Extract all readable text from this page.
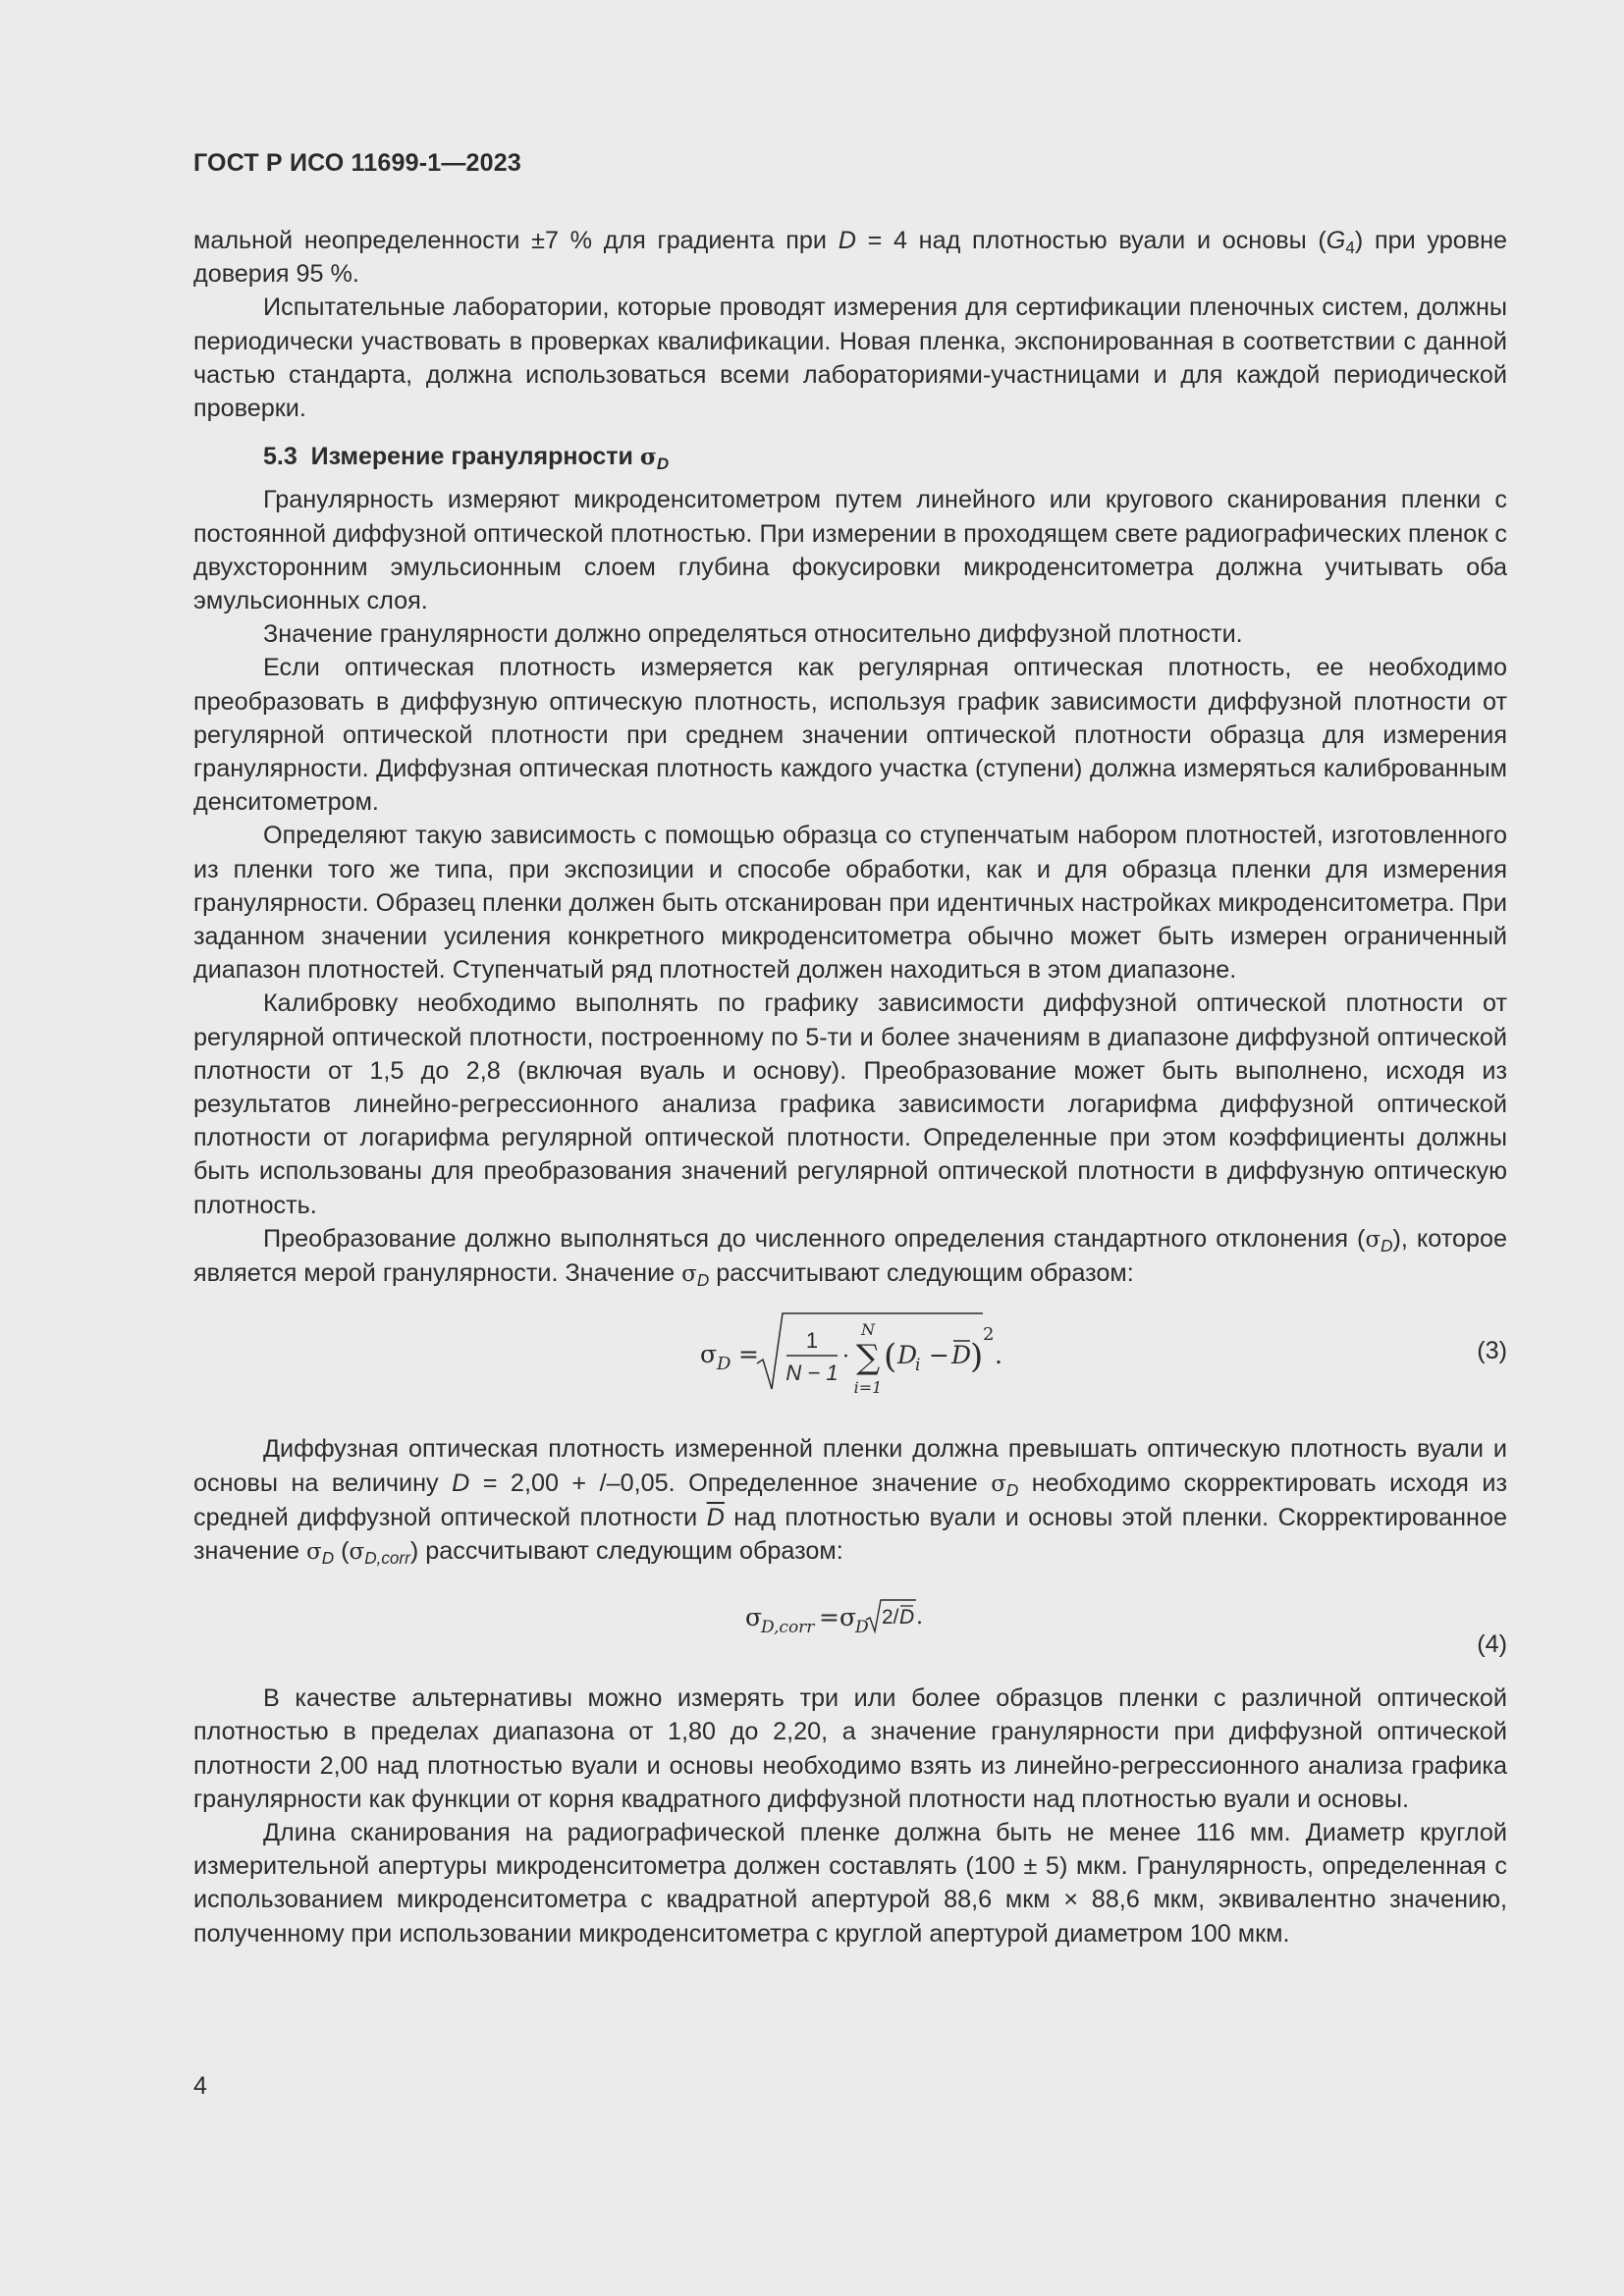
ГОСТ Р ИСО 11699-1—2023

мальной неопределенности ±7 % для градиента при D = 4 над плотностью вуали и основы $(G_4)$ при уровне доверия 95 %.

Испытательные лаборатории, которые проводят измерения для сертификации пленочных систем, должны периодически участвовать в проверках квалификации. Новая пленка, экспонированная в соответствии с данной частью стандарта, должна использоваться всеми лабораториями-участницами и для каждой периодической проверки.

5.3 Измерение гранулярности $\sigma_D$

Гранулярность измеряют микроденситометром путем линейного или кругового сканирования пленки с постоянной диффузной оптической плотностью. При измерении в проходящем свете радиографических пленок с двухсторонним эмульсионным слоем глубина фокусировки микроденситометра должна учитывать оба эмульсионных слоя.

Значение гранулярности должно определяться относительно диффузной плотности.

Если оптическая плотность измеряется как регулярная оптическая плотность, ее необходимо преобразовать в диффузную оптическую плотность, используя график зависимости диффузной плотности от регулярной оптической плотности при среднем значении оптической плотности образца для измерения гранулярности. Диффузная оптическая плотность каждого участка (ступени) должна измеряться калиброванным денситометром.

Определяют такую зависимость с помощью образца со ступенчатым набором плотностей, изготовленного из пленки того же типа, при экспозиции и способе обработки, как и для образца пленки для измерения гранулярности. Образец пленки должен быть отсканирован при идентичных настройках микроденситометра. При заданном значении усиления конкретного микроденситометра обычно может быть измерен ограниченный диапазон плотностей. Ступенчатый ряд плотностей должен находиться в этом диапазоне.

Калибровку необходимо выполнять по графику зависимости диффузной оптической плотности от регулярной оптической плотности, построенному по 5-ти и более значениям в диапазоне диффузной оптической плотности от 1,5 до 2,8 (включая вуаль и основу). Преобразование может быть выполнено, исходя из результатов линейно-регрессионного анализа графика зависимости логарифма диффузной оптической плотности от логарифма регулярной оптической плотности. Определенные при этом коэффициенты должны быть использованы для преобразования значений регулярной оптической плотности в диффузную оптическую плотность.

Преобразование должно выполняться до численного определения стандартного отклонения $(\sigma_D)$, которое является мерой гранулярности. Значение $\sigma_D$ рассчитывают следующим образом:

σ D = 1
N − 1
·
N
∑
i=1
( D
i − D
)
2
.	(3)

Диффузная оптическая плотность измеренной пленки должна превышать оптическую плотность вуали и основы на величину D = 2,00 + /–0,05. Определенное значение $\sigma_D$ необходимо скорректировать исходя из средней диффузной оптической плотности $\overline{D}$ над плотностью вуали и основы этой пленки. Скорректированное значение $\sigma_D$ $(\sigma_{D,corr})$ рассчитывают следующим образом:

σ
D,corr = σ
D 2/ D .
(4)

В качестве альтернативы можно измерять три или более образцов пленки с различной оптической плотностью в пределах диапазона от 1,80 до 2,20, а значение гранулярности при диффузной оптической плотности 2,00 над плотностью вуали и основы необходимо взять из линейно-регрессионного анализа графика гранулярности как функции от корня квадратного диффузной плотности над плотностью вуали и основы.

Длина сканирования на радиографической пленке должна быть не менее 116 мм. Диаметр круглой измерительной апертуры микроденситометра должен составлять (100 ± 5) мкм. Гранулярность, определенная с использованием микроденситометра с квадратной апертурой 88,6 мкм × 88,6 мкм, эквивалентно значению, полученному при использовании микроденситометра с круглой апертурой диаметром 100 мкм.

4
